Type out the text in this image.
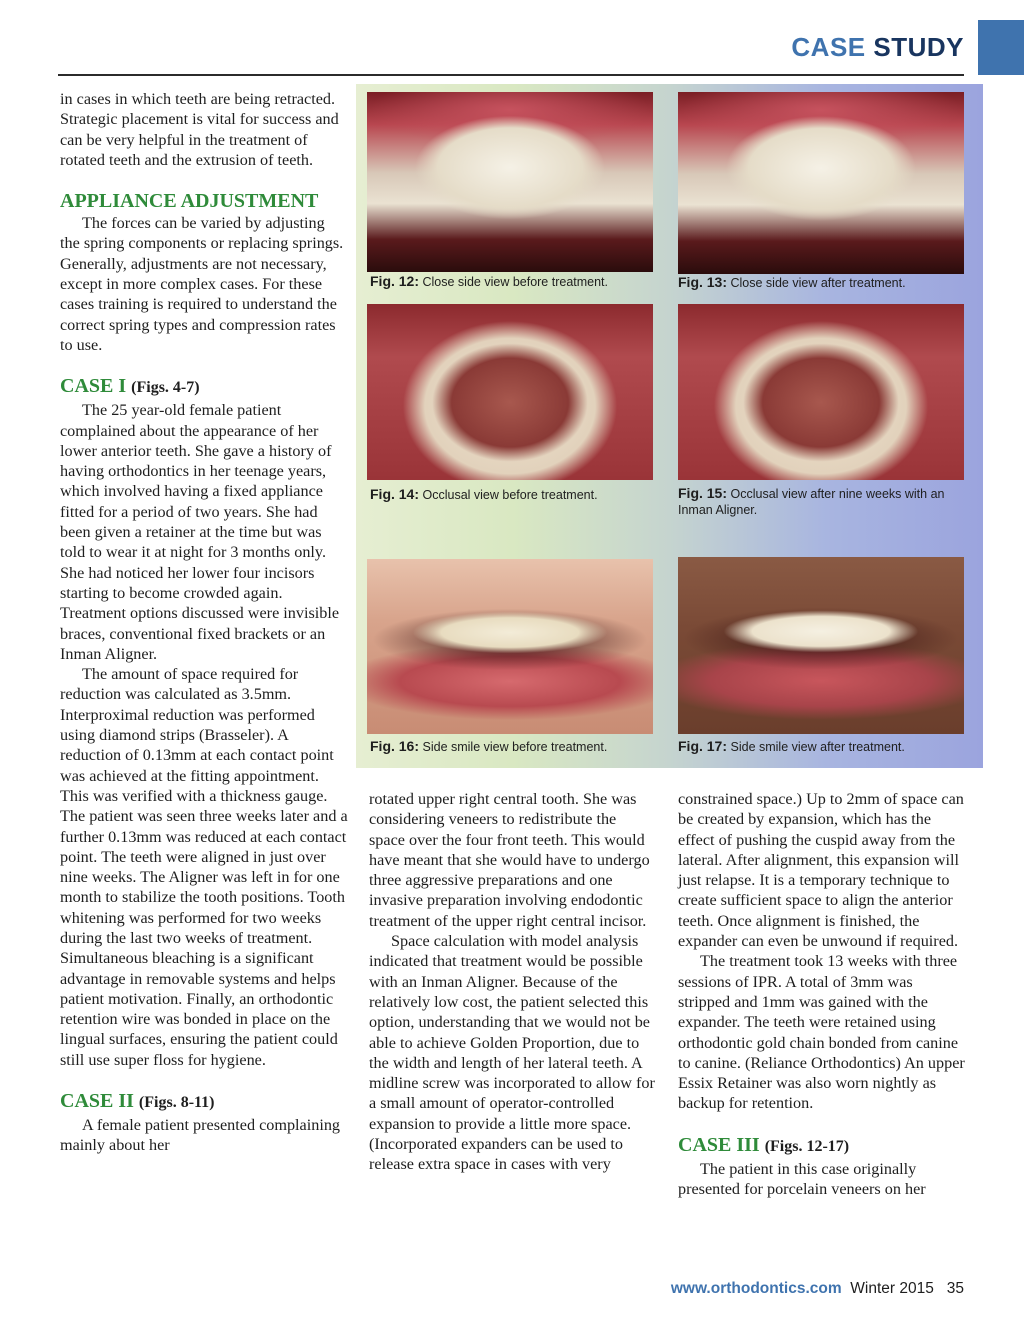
CASE STUDY

in cases in which teeth are being retracted. Strategic placement is vital for success and can be very helpful in the treatment of rotated teeth and the extrusion of teeth.

APPLIANCE ADJUSTMENT

The forces can be varied by adjusting the spring components or replacing springs. Generally, adjustments are not necessary, except in more complex cases. For these cases training is required to understand the correct spring types and compression rates to use.

CASE I (Figs. 4-7)

The 25 year-old female patient complained about the appearance of her lower anterior teeth. She gave a history of having orthodontics in her teenage years, which involved having a fixed appliance fitted for a period of two years. She had been given a retainer at the time but was told to wear it at night for 3 months only. She had noticed her lower four incisors starting to become crowded again. Treatment options discussed were invisible braces, conventional fixed brackets or an Inman Aligner.

The amount of space required for reduction was calculated as 3.5mm. Interproximal reduction was performed using diamond strips (Brasseler). A reduction of 0.13mm at each contact point was achieved at the fitting appointment. This was verified with a thickness gauge. The patient was seen three weeks later and a further 0.13mm was reduced at each contact point. The teeth were aligned in just over nine weeks. The Aligner was left in for one month to stabilize the tooth positions. Tooth whitening was performed for two weeks during the last two weeks of treatment. Simultaneous bleaching is a significant advantage in removable systems and helps patient motivation. Finally, an orthodontic retention wire was bonded in place on the lingual surfaces, ensuring the patient could still use super floss for hygiene.

CASE II (Figs. 8-11)

A female patient presented complaining mainly about her

Fig. 12: Close side view before treatment.	Fig. 13: Close side view after treatment.
Fig. 14: Occlusal view before treatment.	Fig. 15: Occlusal view after nine weeks with an Inman Aligner.
Fig. 16: Side smile view before treatment.	Fig. 17: Side smile view after treatment.

rotated upper right central tooth. She was considering veneers to redistribute the space over the four front teeth. This would have meant that she would have to undergo three aggressive preparations and one invasive preparation involving endodontic treatment of the upper right central incisor.

Space calculation with model analysis indicated that treatment would be possible with an Inman Aligner. Because of the relatively low cost, the patient selected this option, understanding that we would not be able to achieve Golden Proportion, due to the width and length of her lateral teeth. A midline screw was incorporated to allow for a small amount of operator-controlled expansion to provide a little more space. (Incorporated expanders can be used to release extra space in cases with very

constrained space.) Up to 2mm of space can be created by expansion, which has the effect of pushing the cuspid away from the lateral. After alignment, this expansion will just relapse. It is a temporary technique to create sufficient space to align the anterior teeth. Once alignment is finished, the expander can even be unwound if required.

The treatment took 13 weeks with three sessions of IPR. A total of 3mm was stripped and 1mm was gained with the expander. The teeth were retained using orthodontic gold chain bonded from canine to canine. (Reliance Orthodontics) An upper Essix Retainer was also worn nightly as backup for retention.

CASE III (Figs. 12-17)

The patient in this case originally presented for porcelain veneers on her

www.orthodontics.com Winter 2015 35
